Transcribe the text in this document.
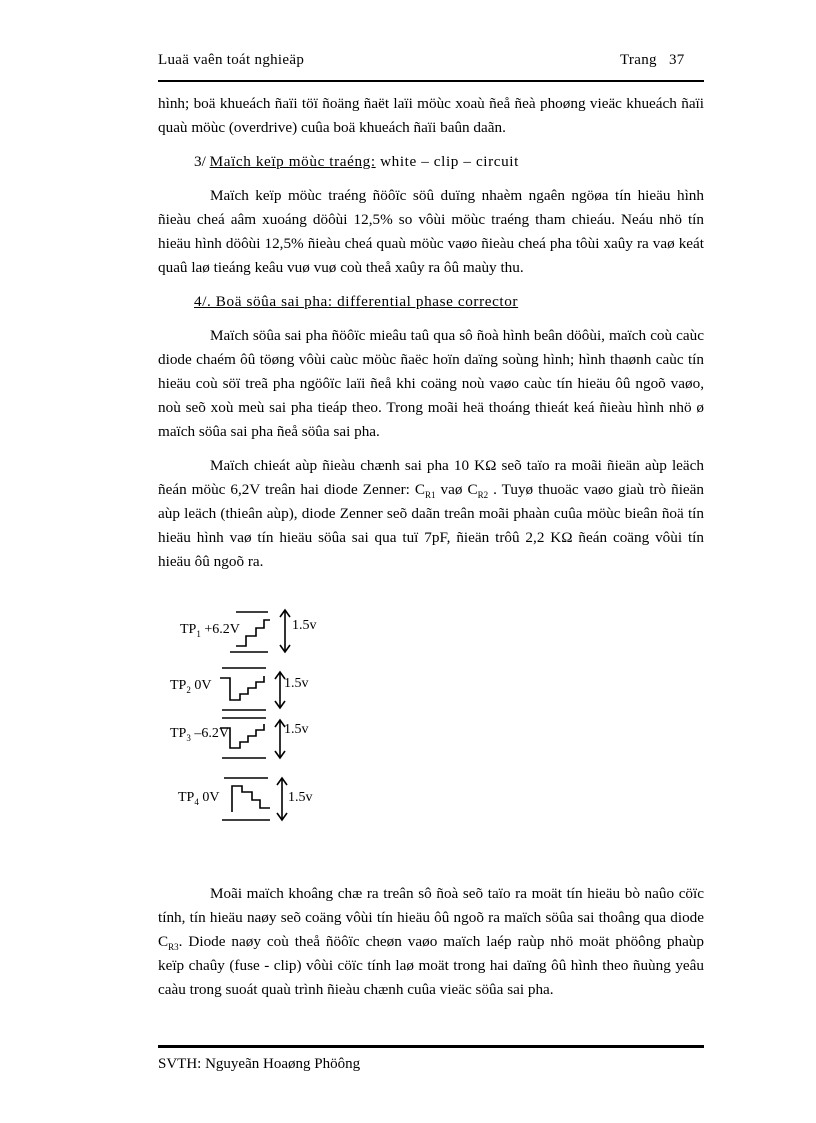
Luaä vaên toát nghieäp	Trang   37

hình; boä khueách ñaïi töï ñoäng ñaët laïi möùc xoaù ñeå ñeà phoøng vieäc khueách ñaïi quaù möùc (overdrive) cuûa boä khueách ñaïi baûn daãn.

3/ Maïch keïp möùc traéng: white – clip – circuit

Maïch keïp möùc traéng ñöôïc söû duïng nhaèm ngaên ngöøa tín hieäu hình ñieàu cheá aâm xuoáng döôùi 12,5% so vôùi möùc traéng tham chieáu. Neáu nhö tín hieäu hình döôùi 12,5% ñieàu cheá quaù möùc vaøo ñieàu cheá pha tôùi xaûy ra vaø keát quaû laø tieáng keâu vuø vuø coù theå xaûy ra ôû maùy thu.

4/. Boä söûa sai pha: differential phase corrector

Maïch söûa sai pha ñöôïc mieâu taû qua sô ñoà hình beân döôùi, maïch coù caùc diode chaém ôû töøng vôùi caùc möùc ñaëc hoïn daïng soùng hình; hình thaønh caùc tín hieäu coù söï treã pha ngöôïc laïi ñeå khi coäng noù vaøo caùc tín hieäu ôû ngoõ vaøo, noù seõ xoù meù sai pha tieáp theo. Trong moãi heä thoáng thieát keá ñieàu hình nhö ø maïch söûa sai pha ñeå söûa sai pha.

Maïch chieát aùp ñieàu chænh sai pha 10 KΩ seõ taïo ra moãi ñieän aùp leäch ñeán möùc 6,2V treân hai diode Zenner: $C_{R1}$ vaø $C_{R2}$ . Tuyø thuoäc vaøo giaù trò ñieän aùp leäch (thieân aùp), diode Zenner seõ daãn treân moãi phaàn cuûa möùc bieân ñoä tín hieäu hình vaø tín hieäu söûa sai qua tuï 7pF, ñieän trôû 2,2 KΩ ñeán coäng vôùi tín hieäu ôû ngoõ ra.

$TP_1 +6.2V$	1.5v
$TP_2$ 0V	1.5v
$TP_3$ –6.2V	1.5v
$TP_4$ 0V	1.5v

Moãi maïch khoâng chæ ra treân sô ñoà seõ taïo ra moät tín hieäu bò naûo cöïc tính, tín hieäu naøy seõ coäng vôùi tín hieäu ôû ngoõ ra maïch söûa sai thoâng qua diode $C_{R3}$. Diode naøy coù theå ñöôïc cheøn vaøo maïch laép raùp nhö moät phöông phaùp keïp chaûy (fuse - clip) vôùi cöïc tính laø moät trong hai daïng ôû hình theo ñuùng yeâu caàu trong suoát quaù trình ñieàu chænh cuûa vieäc söûa sai pha.

SVTH: Nguyeãn Hoaøng Phöông
